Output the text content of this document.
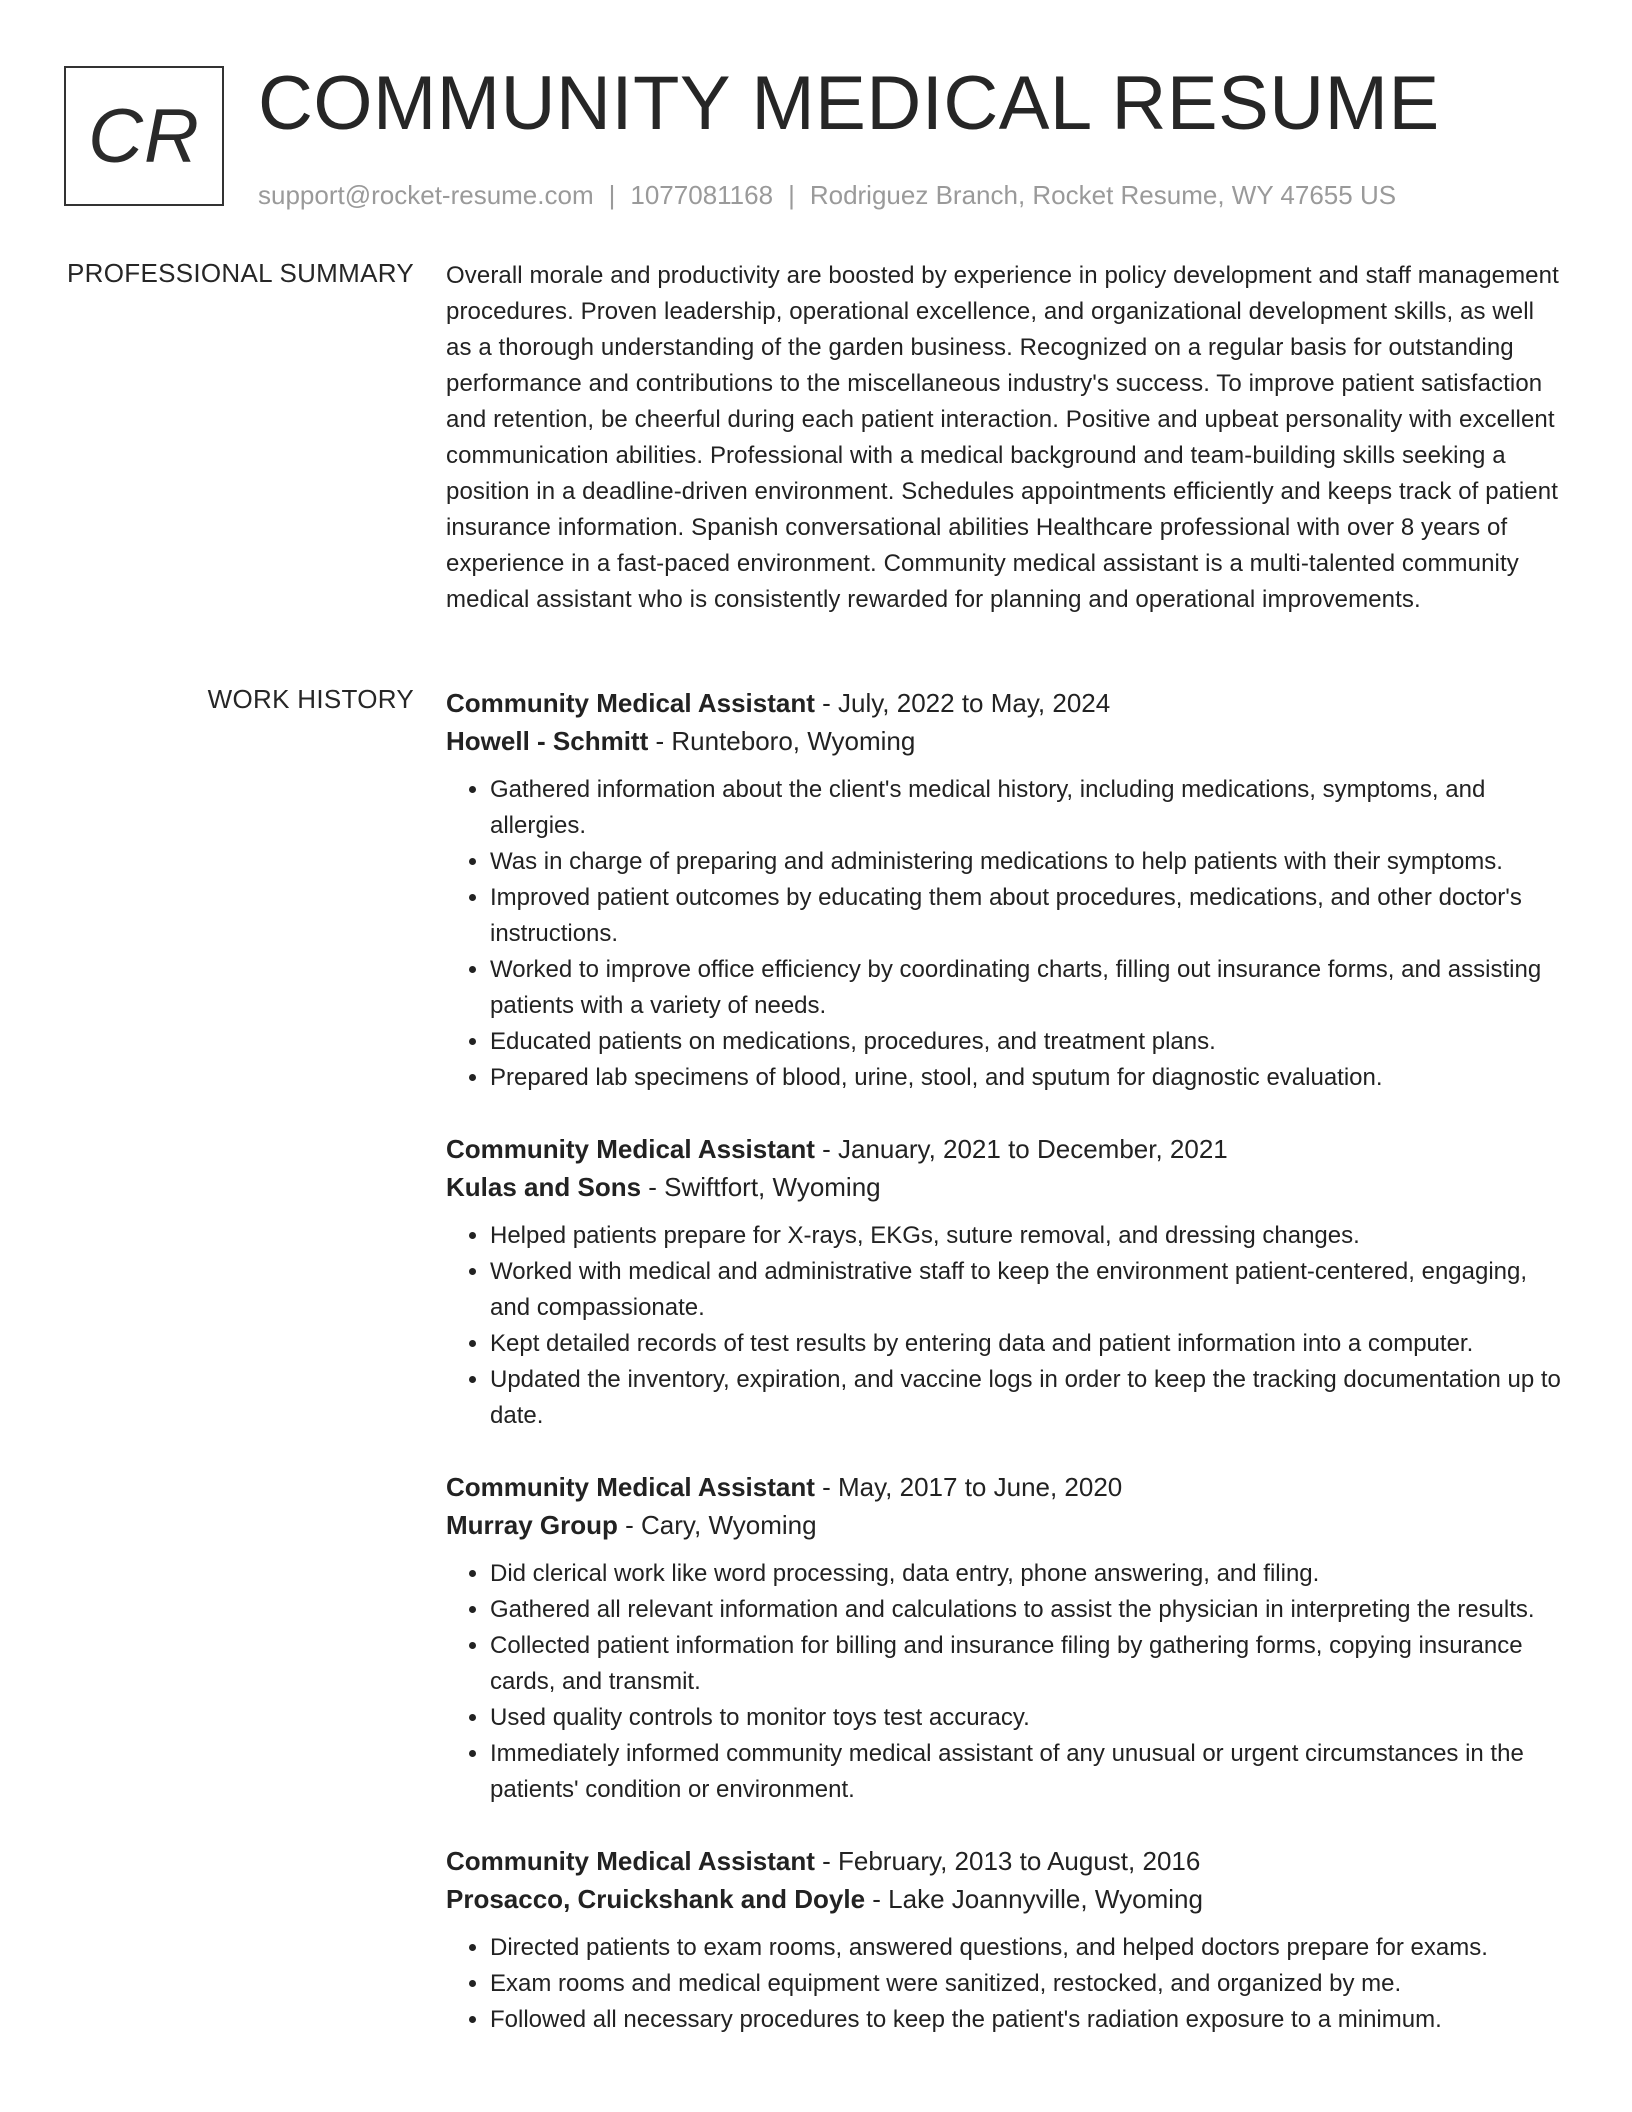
CR COMMUNITY MEDICAL RESUME
support@rocket-resume.com | 1077081168 | Rodriguez Branch, Rocket Resume, WY 47655 US
PROFESSIONAL SUMMARY Overall morale and productivity are boosted by experience in policy development and staff management procedures. Proven leadership, operational excellence, and organizational development skills, as well as a thorough understanding of the garden business. Recognized on a regular basis for outstanding performance and contributions to the miscellaneous industry's success. To improve patient satisfaction and retention, be cheerful during each patient interaction. Positive and upbeat personality with excellent communication abilities. Professional with a medical background and team-building skills seeking a position in a deadline-driven environment. Schedules appointments efficiently and keeps track of patient insurance information. Spanish conversational abilities Healthcare professional with over 8 years of experience in a fast-paced environment. Community medical assistant is a multi-talented community medical assistant who is consistently rewarded for planning and operational improvements.

WORK HISTORY Community Medical Assistant - July, 2022 to May, 2024
Howell - Schmitt - Runteboro, Wyoming
• Gathered information about the client's medical history, including medications, symptoms, and allergies.
• Was in charge of preparing and administering medications to help patients with their symptoms.
• Improved patient outcomes by educating them about procedures, medications, and other doctor's instructions.
• Worked to improve office efficiency by coordinating charts, filling out insurance forms, and assisting patients with a variety of needs.
• Educated patients on medications, procedures, and treatment plans.
• Prepared lab specimens of blood, urine, stool, and sputum for diagnostic evaluation.
Community Medical Assistant - January, 2021 to December, 2021
Kulas and Sons - Swiftfort, Wyoming
• Helped patients prepare for X-rays, EKGs, suture removal, and dressing changes.
• Worked with medical and administrative staff to keep the environment patient-centered, engaging, and compassionate.
• Kept detailed records of test results by entering data and patient information into a computer.
• Updated the inventory, expiration, and vaccine logs in order to keep the tracking documentation up to date.
Community Medical Assistant - May, 2017 to June, 2020
Murray Group - Cary, Wyoming
• Did clerical work like word processing, data entry, phone answering, and filing.
• Gathered all relevant information and calculations to assist the physician in interpreting the results.
• Collected patient information for billing and insurance filing by gathering forms, copying insurance cards, and transmit.
• Used quality controls to monitor toys test accuracy.
• Immediately informed community medical assistant of any unusual or urgent circumstances in the patients' condition or environment.
Community Medical Assistant - February, 2013 to August, 2016
Prosacco, Cruickshank and Doyle - Lake Joannyville, Wyoming
• Directed patients to exam rooms, answered questions, and helped doctors prepare for exams.
• Exam rooms and medical equipment were sanitized, restocked, and organized by me.
• Followed all necessary procedures to keep the patient's radiation exposure to a minimum.
